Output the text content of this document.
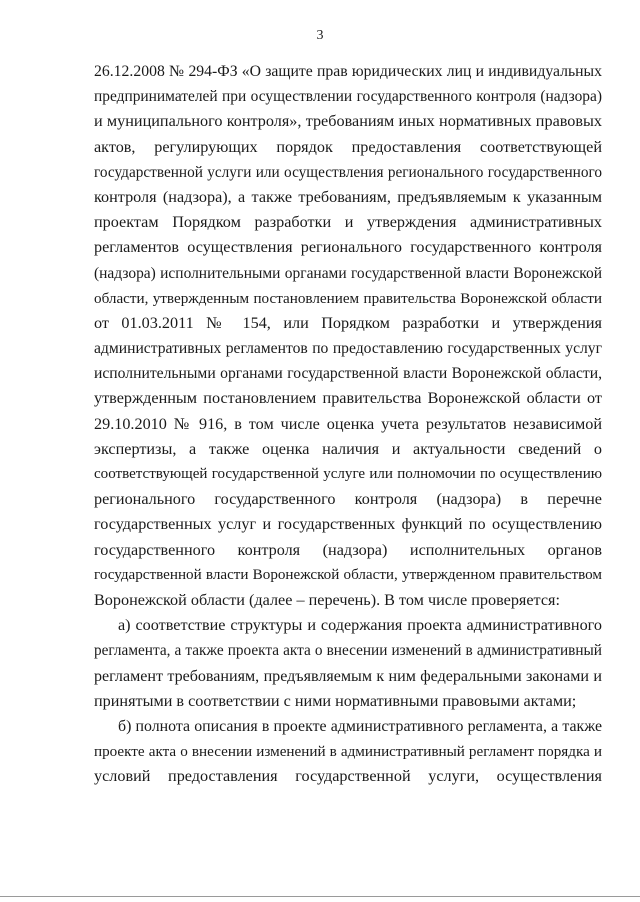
3
26.12.2008 № 294-ФЗ «О защите прав юридических лиц и индивидуальных
предпринимателей при осуществлении государственного контроля (надзора)
и муниципального контроля», требованиям иных нормативных правовых
актов, регулирующих порядок предоставления соответствующей
государственной услуги или осуществления регионального государственного
контроля (надзора), а также требованиям, предъявляемым к указанным
проектам Порядком разработки и утверждения административных
регламентов осуществления регионального государственного контроля
(надзора) исполнительными органами государственной власти Воронежской
области, утвержденным постановлением правительства Воронежской области
от 01.03.2011 № 154, или Порядком разработки и утверждения
административных регламентов по предоставлению государственных услуг
исполнительными органами государственной власти Воронежской области,
утвержденным постановлением правительства Воронежской области от
29.10.2010 № 916, в том числе оценка учета результатов независимой
экспертизы, а также оценка наличия и актуальности сведений о
соответствующей государственной услуге или полномочии по осуществлению
регионального государственного контроля (надзора) в перечне
государственных услуг и государственных функций по осуществлению
государственного контроля (надзора) исполнительных органов
государственной власти Воронежской области, утвержденном правительством
Воронежской области (далее – перечень). В том числе проверяется:
а) соответствие структуры и содержания проекта административного
регламента, а также проекта акта о внесении изменений в административный
регламент требованиям, предъявляемым к ним федеральными законами и
принятыми в соответствии с ними нормативными правовыми актами;
б) полнота описания в проекте административного регламента, а также
проекте акта о внесении изменений в административный регламент порядка и
условий предоставления государственной услуги, осуществления
